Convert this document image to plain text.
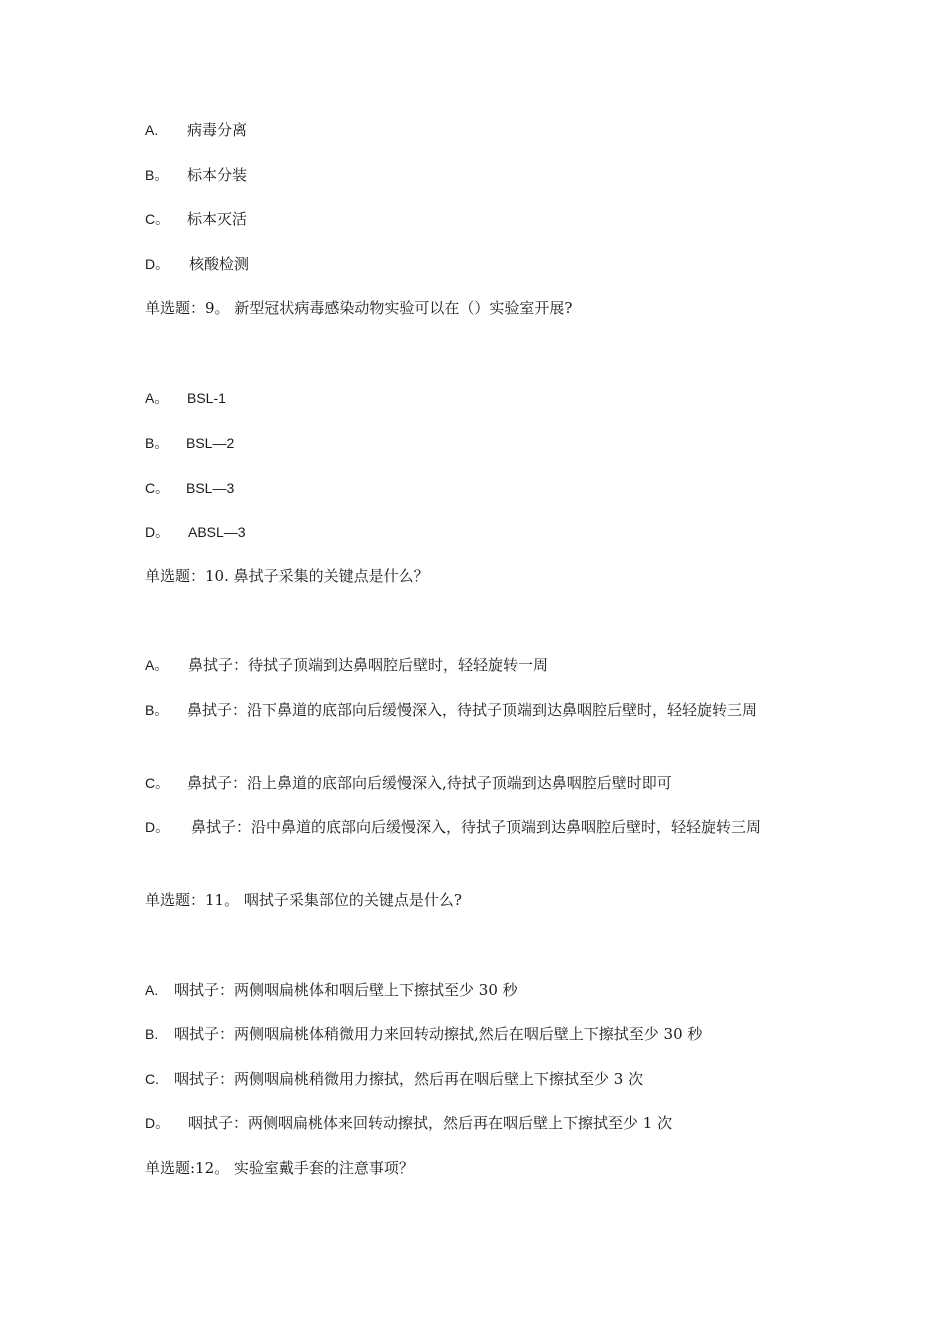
A. 病毒分离
B。 标本分装
C。 标本灭活
D。 核酸检测
单选题：9。 新型冠状病毒感染动物实验可以在（）实验室开展?
A。 BSL-1
B。 BSL—2
C。 BSL—3
D。 ABSL—3
单选题：10. 鼻拭子采集的关键点是什么？
A。 鼻拭子：待拭子顶端到达鼻咽腔后壁时，轻轻旋转一周
B。 鼻拭子：沿下鼻道的底部向后缓慢深入，待拭子顶端到达鼻咽腔后壁时，轻轻旋转三周
C。 鼻拭子：沿上鼻道的底部向后缓慢深入,待拭子顶端到达鼻咽腔后壁时即可
D。 鼻拭子：沿中鼻道的底部向后缓慢深入，待拭子顶端到达鼻咽腔后壁时，轻轻旋转三周
单选题：11。 咽拭子采集部位的关键点是什么?
A. 咽拭子：两侧咽扁桃体和咽后壁上下擦拭至少 30 秒
B. 咽拭子：两侧咽扁桃体稍微用力来回转动擦拭,然后在咽后壁上下擦拭至少 30 秒
C. 咽拭子：两侧咽扁桃稍微用力擦拭，然后再在咽后壁上下擦拭至少 3 次
D。 咽拭子：两侧咽扁桃体来回转动擦拭，然后再在咽后壁上下擦拭至少 1 次
单选题:12。 实验室戴手套的注意事项？
